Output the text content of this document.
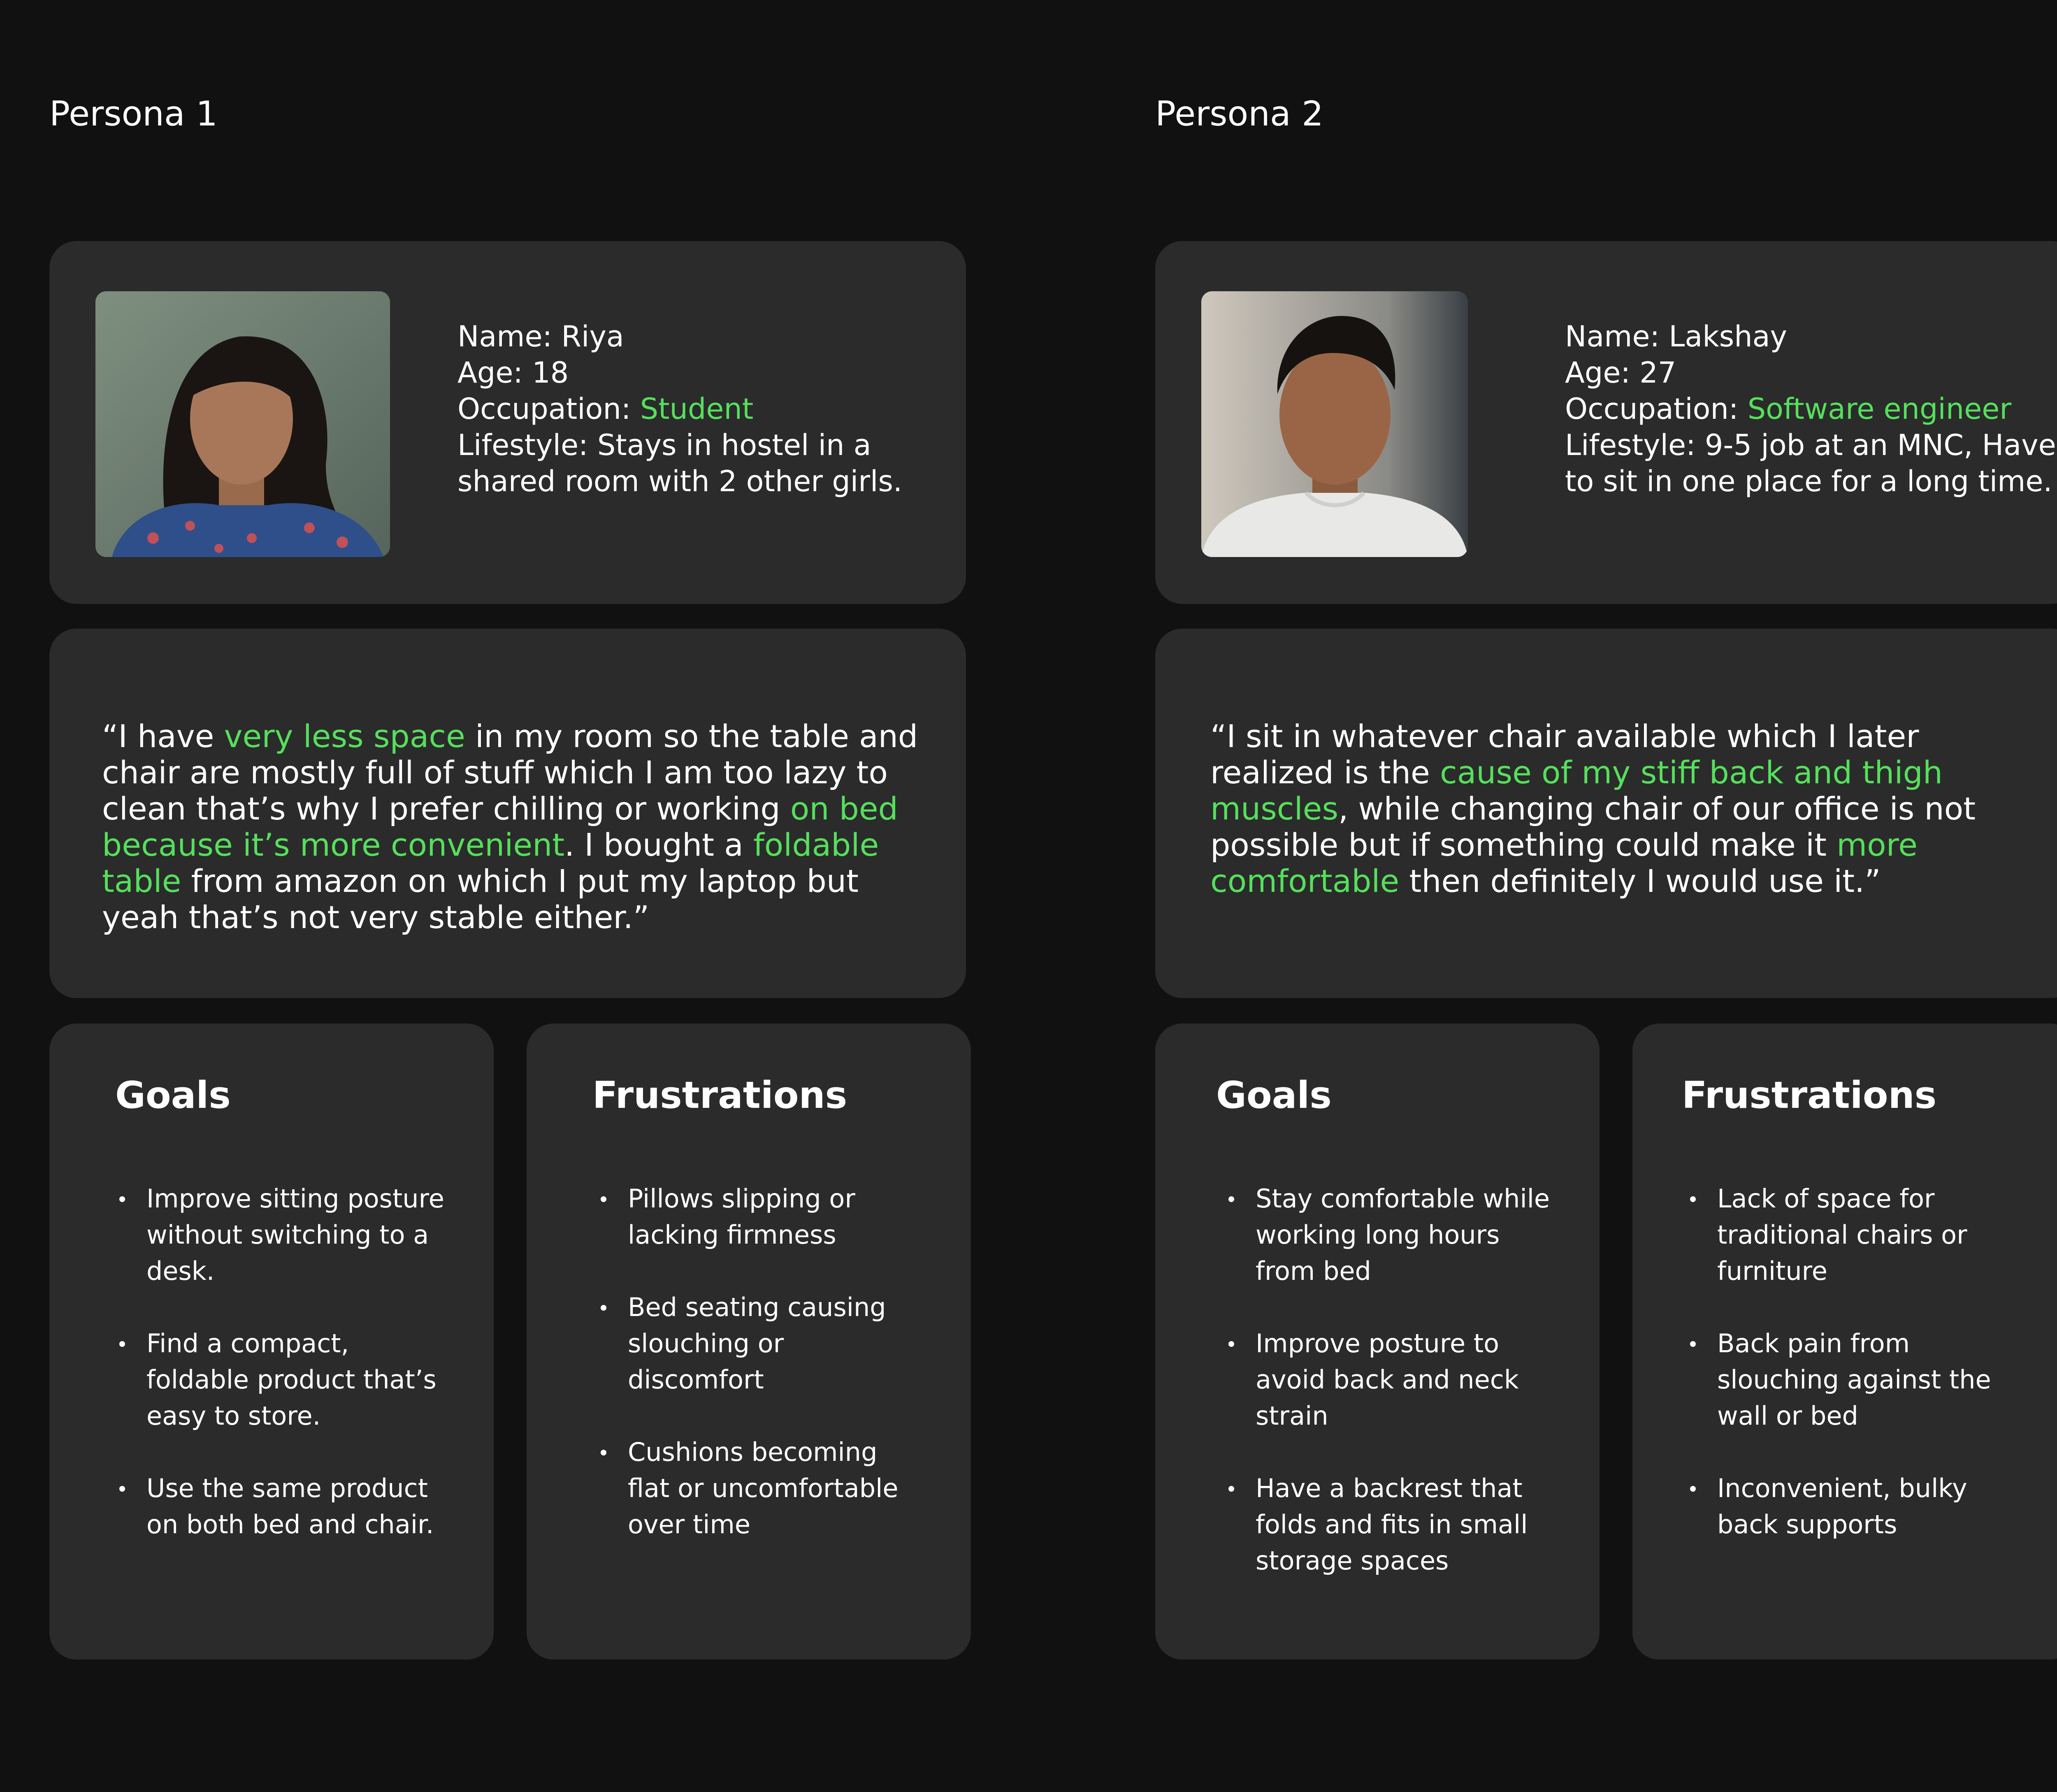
Persona 1
Name: Riya
Age: 18
Occupation: Student
Lifestyle: Stays in hostel in a
shared room with 2 other girls.
“I have very less space in my room so the table and chair are mostly full of stuff which I am too lazy to clean that’s why I prefer chilling or working on bed because it’s more convenient. I bought a foldable table from amazon on which I put my laptop but yeah that’s not very stable either.”
Goals
Improve sitting posture without switching to a desk.
Find a compact, foldable product that’s easy to store.
Use the same product on both bed and chair.
Frustrations
Pillows slipping or lacking firmness
Bed seating causing slouching or discomfort
Cushions becoming flat or uncomfortable over time
Persona 2
Name: Lakshay
Age: 27
Occupation: Software engineer
Lifestyle: 9-5 job at an MNC, Have
to sit in one place for a long time.
“I sit in whatever chair available which I later realized is the cause of my stiff back and thigh muscles, while changing chair of our office is not possible but if something could make it more comfortable then definitely I would use it.”
Goals
Stay comfortable while working long hours from bed
Improve posture to avoid back and neck strain
Have a backrest that folds and fits in small storage spaces
Frustrations
Lack of space for traditional chairs or furniture
Back pain from slouching against the wall or bed
Inconvenient, bulky back supports
